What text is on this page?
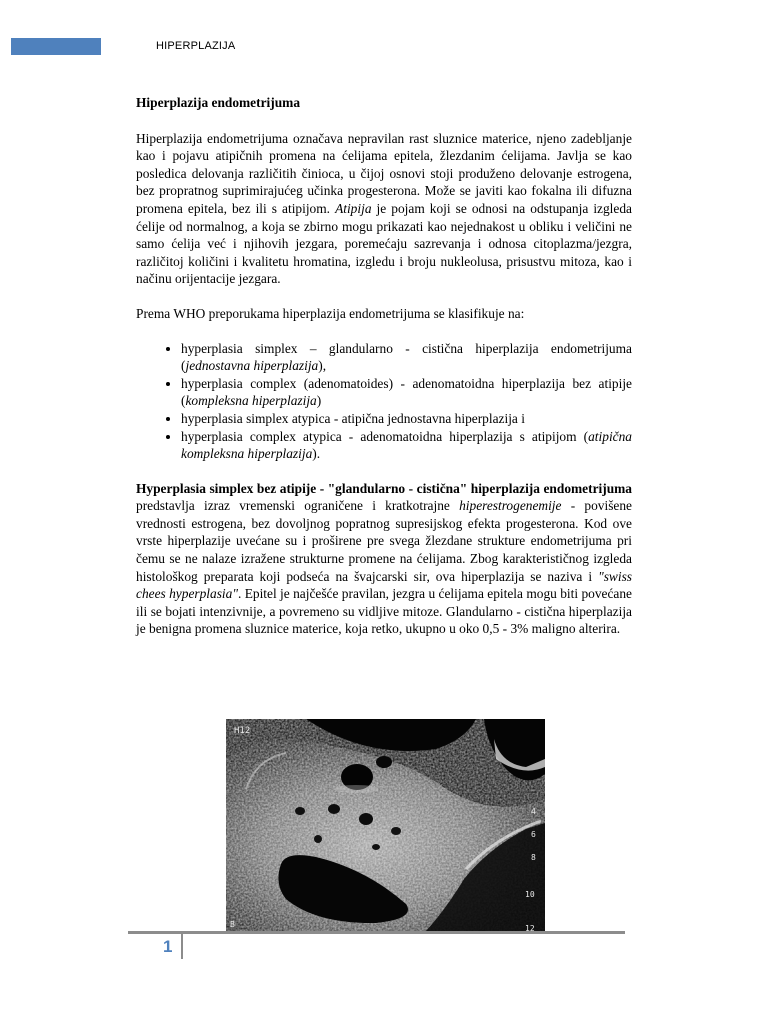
HIPERPLAZIJA
Hiperplazija endometrijuma

Hiperplazija endometrijuma označava nepravilan rast sluznice materice, njeno zadebljanje kao i pojavu atipičnih promena na ćelijama epitela, žlezdanim ćelijama. Javlja se kao posledica delovanja različitih činioca, u čijoj osnovi stoji produženo delovanje estrogena, bez propratnog suprimirajućeg učinka progesterona. Može se javiti kao fokalna ili difuzna promena epitela, bez ili s atipijom. Atipija je pojam koji se odnosi na odstupanja izgleda ćelije od normalnog, a koja se zbirno mogu prikazati kao nejednakost u obliku i veličini ne samo ćelija već i njihovih jezgara, poremećaju sazrevanja i odnosa citoplazma/jezgra, različitoj količini i kvalitetu hromatina, izgledu i broju nukleolusa, prisustvu mitoza, kao i načinu orijentacije jezgara.

Prema WHO preporukama hiperplazija endometrijuma se klasifikuje na:

• hyperplasia simplex – glandularno - cistična hiperplazija endometrijuma (jednostavna hiperplazija),
• hyperplasia complex (adenomatoides) - adenomatoidna hiperplazija bez atipije (kompleksna hiperplazija)
• hyperplasia simplex atypica - atipična jednostavna hiperplazija i
• hyperplasia complex atypica - adenomatoidna hiperplazija s atipijom (atipična kompleksna hiperplazija).

Hyperplasia simplex bez atipije - "glandularno - cistična" hiperplazija endometrijuma predstavlja izraz vremenski ograničene i kratkotrajne hiperestrogenemije - povišene vrednosti estrogena, bez dovoljnog popratnog supresijskog efekta progesterona. Kod ove vrste hiperplazije uvećane su i proširene pre svega žlezdane strukture endometrijuma pri čemu se ne nalaze izražene strukturne promene na ćelijama. Zbog karakterističnog izgleda histološkog preparata koji podseća na švajcarski sir, ova hiperplazija se naziva i "swiss chees hyperplasia". Epitel je najčešće pravilan, jezgra u ćelijama epitela mogu biti povećane ili se bojati intenzivnije, a povremeno su vidljive mitoze. Glandularno - cistična hiperplazija je benigna promena sluznice materice, koja retko, ukupno u oko 0,5 - 3% maligno alterira.

H12
4
6
8
10
12
B
1
